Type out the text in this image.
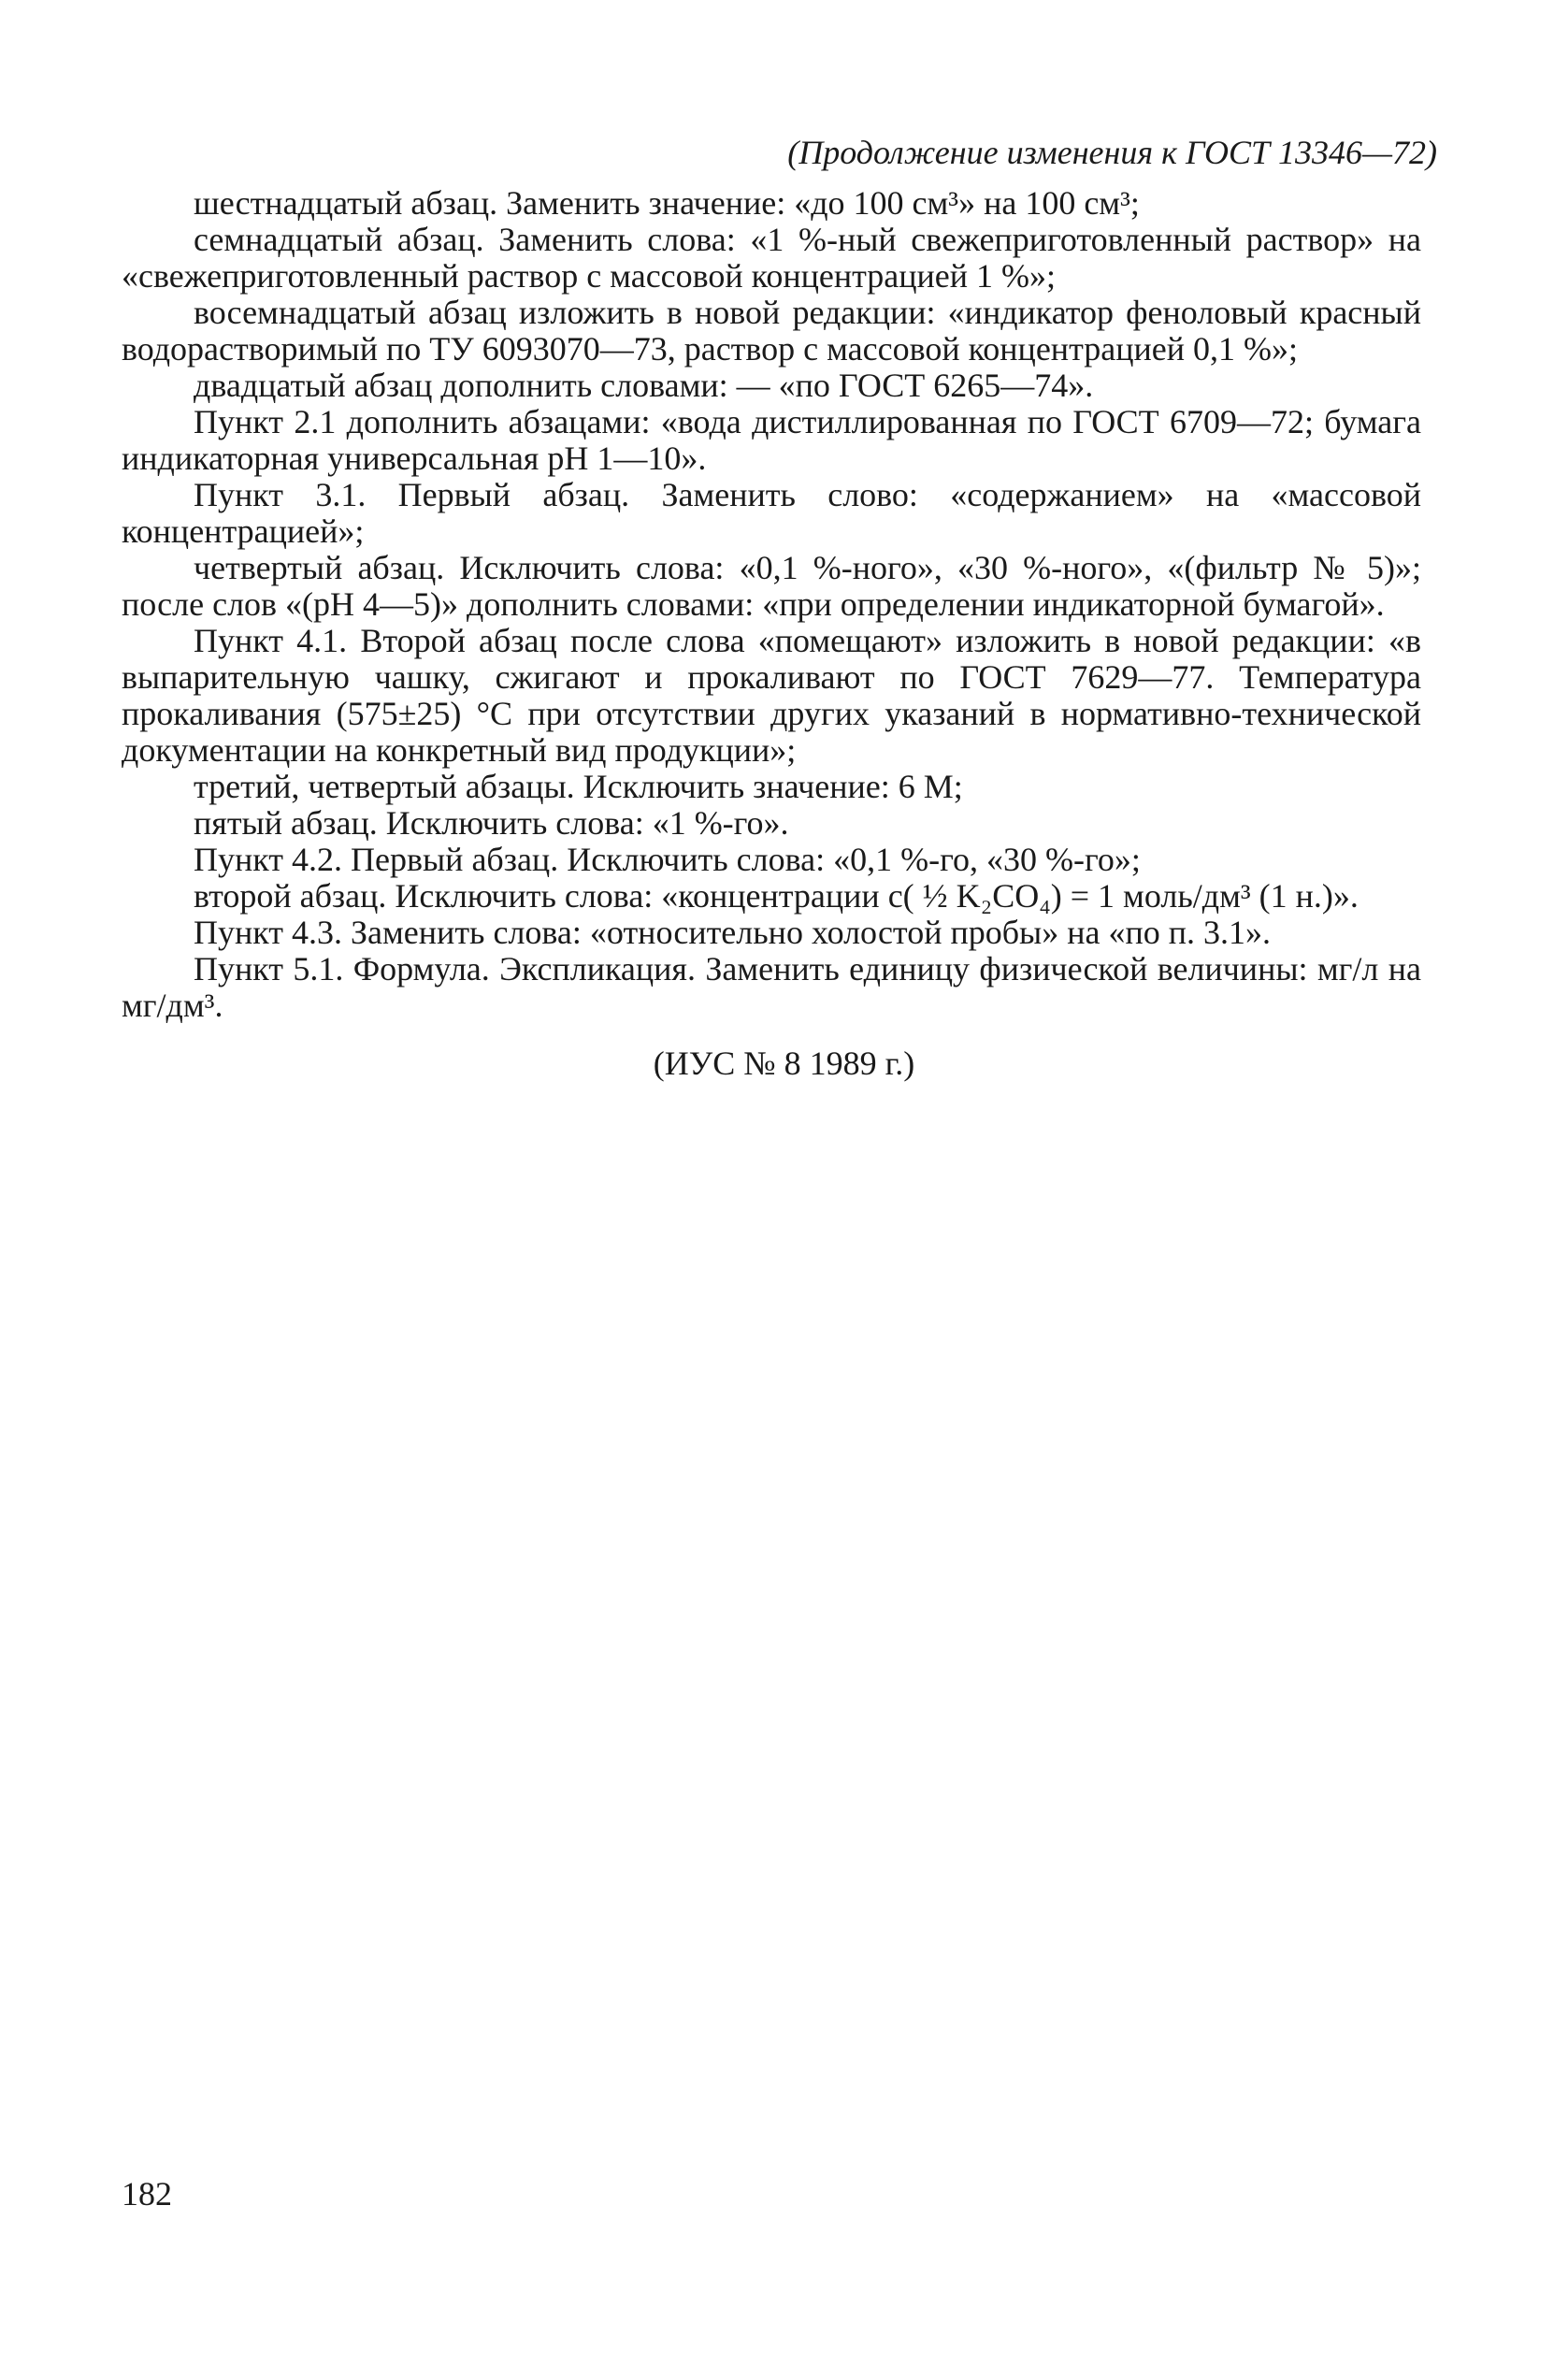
(Продолжение изменения к ГОСТ 13346—72)

шестнадцатый абзац. Заменить значение: «до 100 см³» на 100 см³;

семнадцатый абзац. Заменить слова: «1 %-ный свежеприготовленный раствор» на «свежеприготовленный раствор с массовой концентрацией 1 %»;

восемнадцатый абзац изложить в новой редакции: «индикатор феноловый красный водорастворимый по ТУ 6093070—73, раствор с массовой концентрацией 0,1 %»;

двадцатый абзац дополнить словами: — «по ГОСТ 6265—74».

Пункт 2.1 дополнить абзацами: «вода дистиллированная по ГОСТ 6709—72; бумага индикаторная универсальная pH 1—10».

Пункт 3.1. Первый абзац. Заменить слово: «содержанием» на «массовой концентрацией»;

четвертый абзац. Исключить слова: «0,1 %-ного», «30 %-ного», «(фильтр № 5)»; после слов «(pH 4—5)» дополнить словами: «при определении индикаторной бумагой».

Пункт 4.1. Второй абзац после слова «помещают» изложить в новой редакции: «в выпарительную чашку, сжигают и прокаливают по ГОСТ 7629—77. Температура прокаливания (575±25) °С при отсутствии других указаний в нормативно-технической документации на конкретный вид продукции»;

третий, четвертый абзацы. Исключить значение: 6 М;

пятый абзац. Исключить слова: «1 %-го».

Пункт 4.2. Первый абзац. Исключить слова: «0,1 %-го, «30 %-го»;

второй абзац. Исключить слова: «концентрации с( ½ K₂CO₄) = 1 моль/дм³ (1 н.)».

Пункт 4.3. Заменить слова: «относительно холостой пробы» на «по п. 3.1».

Пункт 5.1. Формула. Экспликация. Заменить единицу физической величины: мг/л на мг/дм³.

(ИУС № 8 1989 г.)
182
